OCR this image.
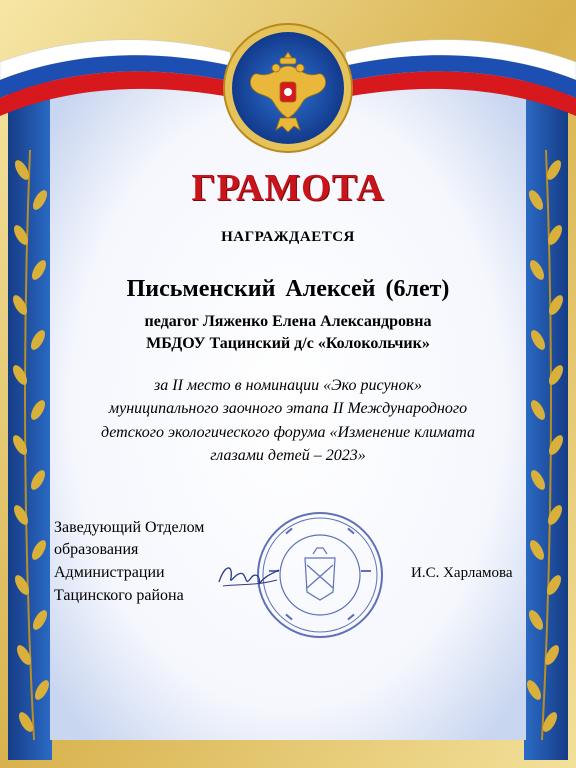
ГРАМОТА

НАГРАЖДАЕТСЯ

Письменский Алексей (6лет)

педагог Ляженко Елена Александровна

МБДОУ Тацинский д/с «Колокольчик»

за II место в номинации «Эко рисунок»

муниципального заочного этапа II Международного

детского экологического форума «Изменение климата

глазами детей – 2023»

Заведующий Отделом

образования

Администрации

Тацинского района

И.С. Харламова
